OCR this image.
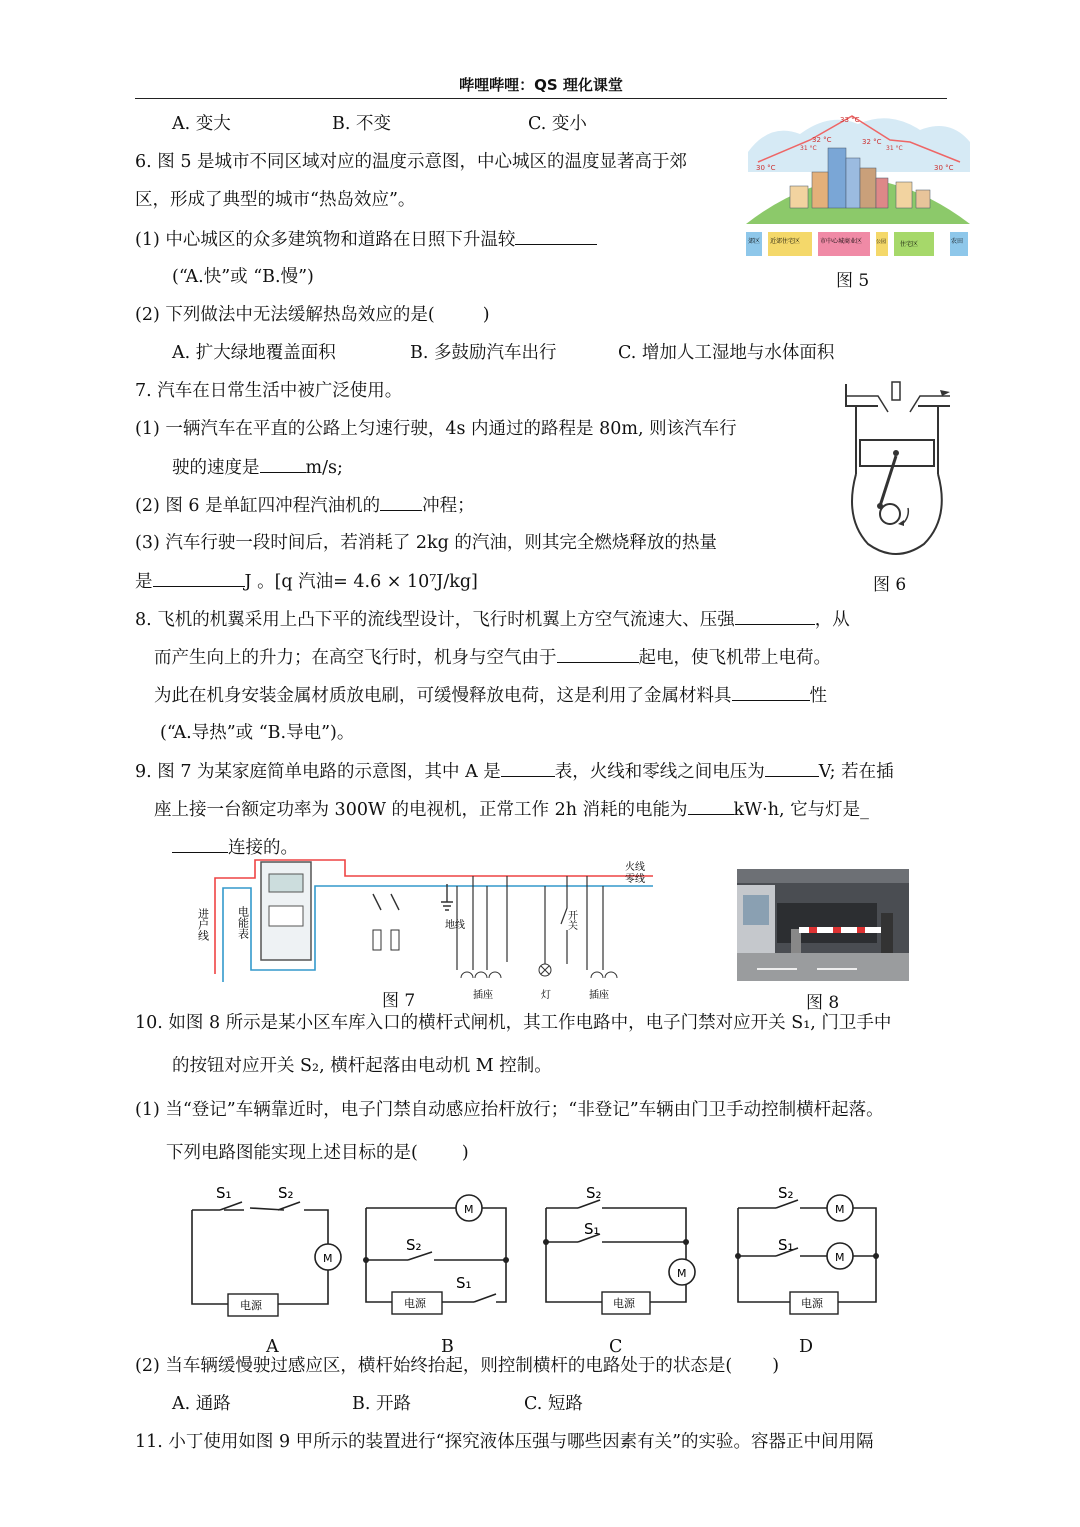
哔哩哔哩：QS 理化课堂
A. 变大	B. 不变	C. 变小
6. 图 5 是城市不同区域对应的温度示意图，中心城区的温度显著高于郊
区，形成了典型的城市“热岛效应”。
(1) 中心城区的众多建筑物和道路在日照下升温较
(“A.快”或 “B.慢”)
(2) 下列做法中无法缓解热岛效应的是(	)
A. 扩大绿地覆盖面积	B. 多鼓励汽车出行	C. 增加人工湿地与水体面积
33 °C
32 °C	32 °C
31 °C	31 °C
30 °C	30 °C
郊区 近郊住宅区	市中心城商业区	公园 住宅区	农田
图 5
7. 汽车在日常生活中被广泛使用。
(1) 一辆汽车在平直的公路上匀速行驶，4s 内通过的路程是 80m, 则该汽车行
驶的速度是	m/s;
(2) 图 6 是单缸四冲程汽油机的 冲程；
(3) 汽车行驶一段时间后，若消耗了 2kg 的汽油，则其完全燃烧释放的热量
是	J 。[q 汽油= 4.6 × 10⁷J/kg]	图 6
8. 飞机的机翼采用上凸下平的流线型设计，飞行时机翼上方空气流速大、压强	，从
而产生向上的升力；在高空飞行时，机身与空气由于	起电，使飞机带上电荷。
为此在机身安装金属材质放电刷，可缓慢释放电荷，这是利用了金属材料具	性
(“A.导热”或 “B.导电”)。
9. 图 7 为某家庭简单电路的示意图，其中 A 是	表，火线和零线之间电压为	V; 若在插
座上接一台额定功率为 300W 的电视机，正常工作 2h 消耗的电能为	kW·h, 它与灯是_
连接的。
进户线 电能表
火线
零线
地线
插座
开关
灯	插座
图 7	图 8
10. 如图 8 所示是某小区车库入口的横杆式闸机，其工作电路中，电子门禁对应开关 S₁, 门卫手中
的按钮对应开关 S₂, 横杆起落由电动机 M 控制。
(1) 当“登记”车辆靠近时，电子门禁自动感应抬杆放行；“非登记”车辆由门卫手动控制横杆起落。
下列电路图能实现上述目标的是(	)
M
M
M
M
M
电源	电源	电源	电源
S₁	S₂
S₂
S₁
S₂
S₁
S₂
S₁
A	B	C	D
(2) 当车辆缓慢驶过感应区，横杆始终抬起，则控制横杆的电路处于的状态是( )
A. 通路	B. 开路	C. 短路
11. 小丁使用如图 9 甲所示的装置进行“探究液体压强与哪些因素有关”的实验。容器正中间用隔
